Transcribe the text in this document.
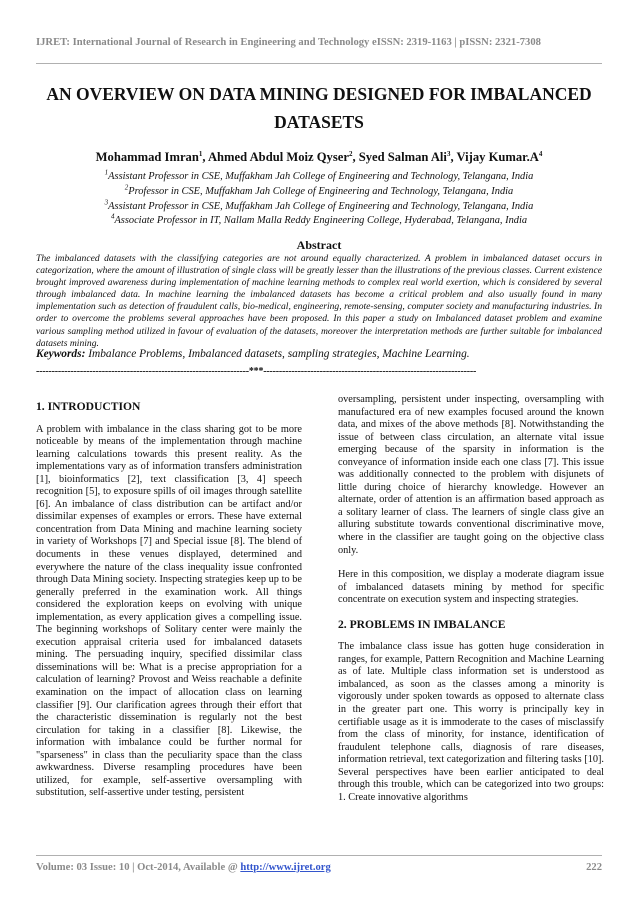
IJRET: International Journal of Research in Engineering and Technology eISSN: 2319-1163 | pISSN: 2321-7308
AN OVERVIEW ON DATA MINING DESIGNED FOR IMBALANCED
DATASETS
Mohammad Imran$^1$, Ahmed Abdul Moiz Qyser$^2$, Syed Salman Ali$^3$, Vijay $Kumar.A^4$
$^1$Assistant Professor in CSE, Muffakham Jah College of Engineering and Technology, Telangana, India
$^2$Professor in CSE, Muffakham Jah College of Engineering and Technology, Telangana, India
$^3$Assistant Professor in CSE, Muffakham Jah College of Engineering and Technology, Telangana, India
$^4$Associate Professor in IT, Nallam Malla Reddy Engineering College, Hyderabad, Telangana, India
Abstract
The imbalanced datasets with the classifying categories are not around equally characterized. A problem in imbalanced dataset occurs in categorization, where the amount of illustration of single class will be greatly lesser than the illustrations of the previous classes. Current existence brought improved awareness during implementation of machine learning methods to complex real world exertion, which is considered by several through imbalanced data. In machine learning the imbalanced datasets has become a critical problem and also usually found in many implementation such as detection of fraudulent calls, bio-medical, engineering, remote-sensing, computer society and manufacturing industries. In order to overcome the problems several approaches have been proposed. In this paper a study on Imbalanced dataset problem and examine various sampling method utilized in favour of evaluation of the datasets, moreover the interpretation methods are further suitable for imbalanced datasets mining.
Keywords: Imbalance Problems, Imbalanced datasets, sampling strategies, Machine Learning.
--------------------------------------------------------------------***--------------------------------------------------------------------
1. INTRODUCTION

A problem with imbalance in the class sharing got to be more noticeable by means of the implementation through machine learning calculations towards this present reality. As the implementations vary as of information transfers administration [1], bioinformatics [2], text classification [3, 4] speech recognition [5], to exposure spills of oil images through satellite [6]. An imbalance of class distribution can be artifact and/or dissimilar expenses of examples or errors. These have external concentration from Data Mining and machine learning society in variety of Workshops [7] and Special issue [8]. The blend of documents in these venues displayed, determined and everywhere the nature of the class inequality issue confronted through Data Mining society. Inspecting strategies keep up to be generally preferred in the examination work. All things considered the exploration keeps on evolving with unique implementation, as every application gives a compelling issue. The beginning workshops of Solitary center were mainly the execution appraisal criteria used for imbalanced datasets mining. The persuading inquiry, specified dissimilar class disseminations will be: What is a precise appropriation for a calculation of learning? Provost and Weiss reachable a definite examination on the impact of allocation class on learning classifier [9]. Our clarification agrees through their effort that the characteristic dissemination is regularly not the best circulation for taking in a classifier [8]. Likewise, the information with imbalance could be further normal for "sparseness" in class than the peculiarity space than the class awkwardness. Diverse resampling procedures have been utilized, for example, self-assertive oversampling with substitution, self-assertive under testing, persistent

oversampling, persistent under inspecting, oversampling with manufactured era of new examples focused around the known data, and mixes of the above methods [8]. Notwithstanding the issue of between class circulation, an alternate vital issue emerging because of the sparsity in information is the conveyance of information inside each one class [7]. This issue was additionally connected to the problem with disjunets of little during choice of hierarchy knowledge. However an alternate, order of attention is an affirmation based approach as a solitary learner of class. The learners of single class give an alluring substitute towards conventional discriminative move, where in the classifier are taught going on the objective class only.

Here in this composition, we display a moderate diagram issue of imbalanced datasets mining by method for specific concentrate on execution system and inspecting strategies.

2. PROBLEMS IN IMBALANCE

The imbalance class issue has gotten huge consideration in ranges, for example, Pattern Recognition and Machine Learning as of late. Multiple class information set is understood as imbalanced, as soon as the classes among a minority is vigorously under spoken towards as opposed to alternate class in the greater part one. This worry is principally key in certifiable usage as it is immoderate to the cases of misclassify from the class of minority, for instance, identification of fraudulent telephone calls, diagnosis of rare diseases, information retrieval, text categorization and filtering tasks [10]. Several perspectives have been earlier anticipated to deal through this trouble, which can be categorized into two groups: 1. Create innovative algorithms

Volume: 03 Issue: 10 | Oct-2014, Available @ http://www.ijret.org	222
